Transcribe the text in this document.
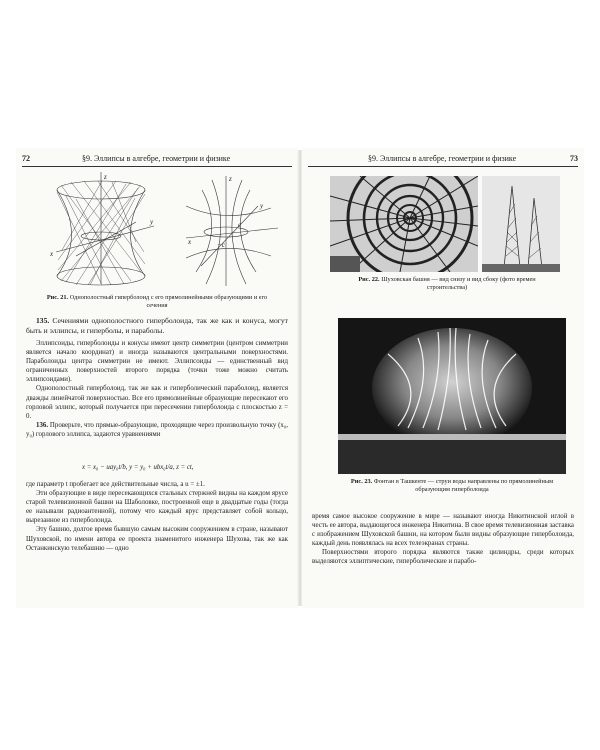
72	§9. Эллипсы в алгебре, геометрии и физике
z
y
x
z
y
x
c
−c
Рис. 21. Однополостный гиперболоид с его прямолинейными образующими и его сечения

135. Сечениями однополостного гиперболоида, так же как и конуса, могут быть и эллипсы, и гиперболы, и параболы.

Эллипсоиды, гиперболоиды и конусы имеют центр симметрии (центром симметрии является начало координат) и иногда называются центральными поверхностями. Параболоиды центра симметрии не имеют. Эллипсоиды — единственный вид ограниченных поверхностей второго порядка (точки тоже можно считать эллипсоидами).

Однополостный гиперболоид, так же как и гиперболический параболоид, является дважды линейчатой поверхностью. Все его прямолинейные образующие пересекают его горловой эллипс, который получается при пересечении гиперболоида с плоскостью z = 0.

136. Проверьте, что прямые-образующие, проходящие через произвольную точку (x₀, y₀) горлового эллипса, задаются уравнениями

x = x₀ − uay₀t/b, y = y₀ + ubx₀t/a, z = ct,

где параметр t пробегает все действительные числа, а u = ±1.

Эти образующие в виде пересекающихся стальных стержней видны на каждом ярусе старой телевизионной башни на Шаболовке, построенной еще в двадцатые годы (тогда ее называли радиоантенной), потому что каждый ярус представляет собой кольцо, вырезанное из гиперболоида.

Эту башню, долгое время бывшую самым высоким сооружением в стране, называют Шуховской, по имени автора ее проекта знаменитого инженера Шухова, так же как Останкинскую телебашню — одно

§9. Эллипсы в алгебре, геометрии и физике	73
Рис. 22. Шуховская башня — вид снизу и вид сбоку (фото времен строительства)
Рис. 23. Фонтан в Ташкенте — струи воды направлены по прямолинейным образующим гиперболоида

время самое высокое сооружение в мире — называют иногда Никитинской иглой в честь ее автора, выдающегося инженера Никитина. В свое время телевизионная заставка с изображением Шуховской башни, на котором были видны образующие гиперболоида, каждый день появлялась на всех телеэкранах страны.

Поверхностями второго порядка являются также цилиндры, среди которых выделяются эллиптические, гиперболические и парабо-
